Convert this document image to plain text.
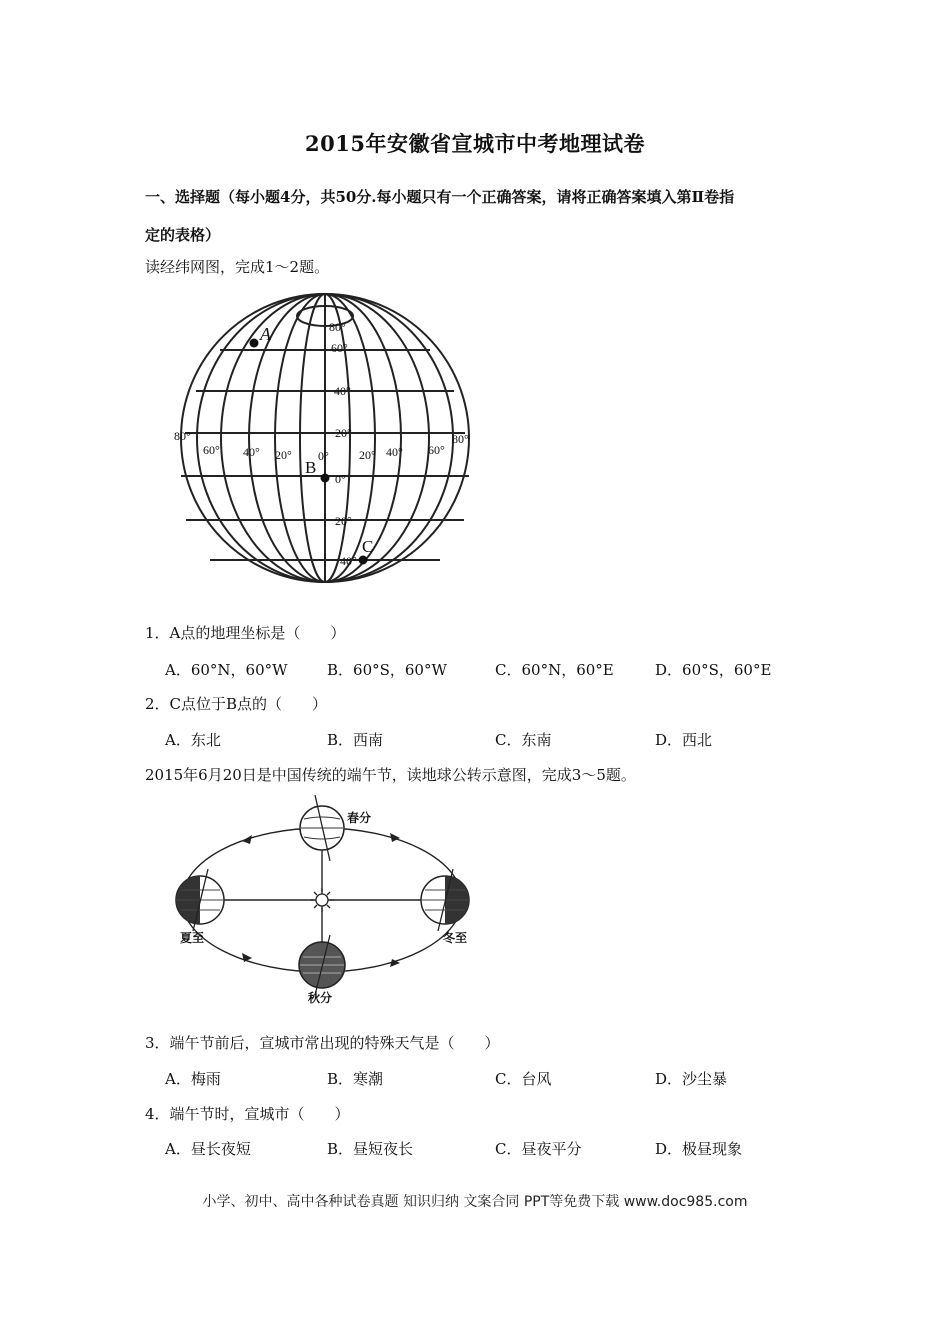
2015年安徽省宣城市中考地理试卷
一、选择题（每小题4分，共50分.每小题只有一个正确答案，请将正确答案填入第Ⅱ卷指
定的表格）
读经纬网图，完成1～2题。
80°
60°
40°
20°
0°
20°
40°
80°
60° 40° 20° 0°	20° 40° 60°
80°
A
B
C
1．A点的地理坐标是（　　）
A．60°N，60°W	B．60°S，60°W	C．60°N，60°E	D．60°S，60°E
2．C点位于B点的（　　）
A．东北	B．西南	C．东南	D．西北
2015年6月20日是中国传统的端午节，读地球公转示意图，完成3～5题。
春分
夏至
秋分
冬至
3．端午节前后，宣城市常出现的特殊天气是（　　）
A．梅雨	B．寒潮	C．台风	D．沙尘暴
4．端午节时，宣城市（　　）
A．昼长夜短	B．昼短夜长	C．昼夜平分	D．极昼现象
小学、初中、高中各种试卷真题 知识归纳 文案合同 PPT等免费下载 www.doc985.com
